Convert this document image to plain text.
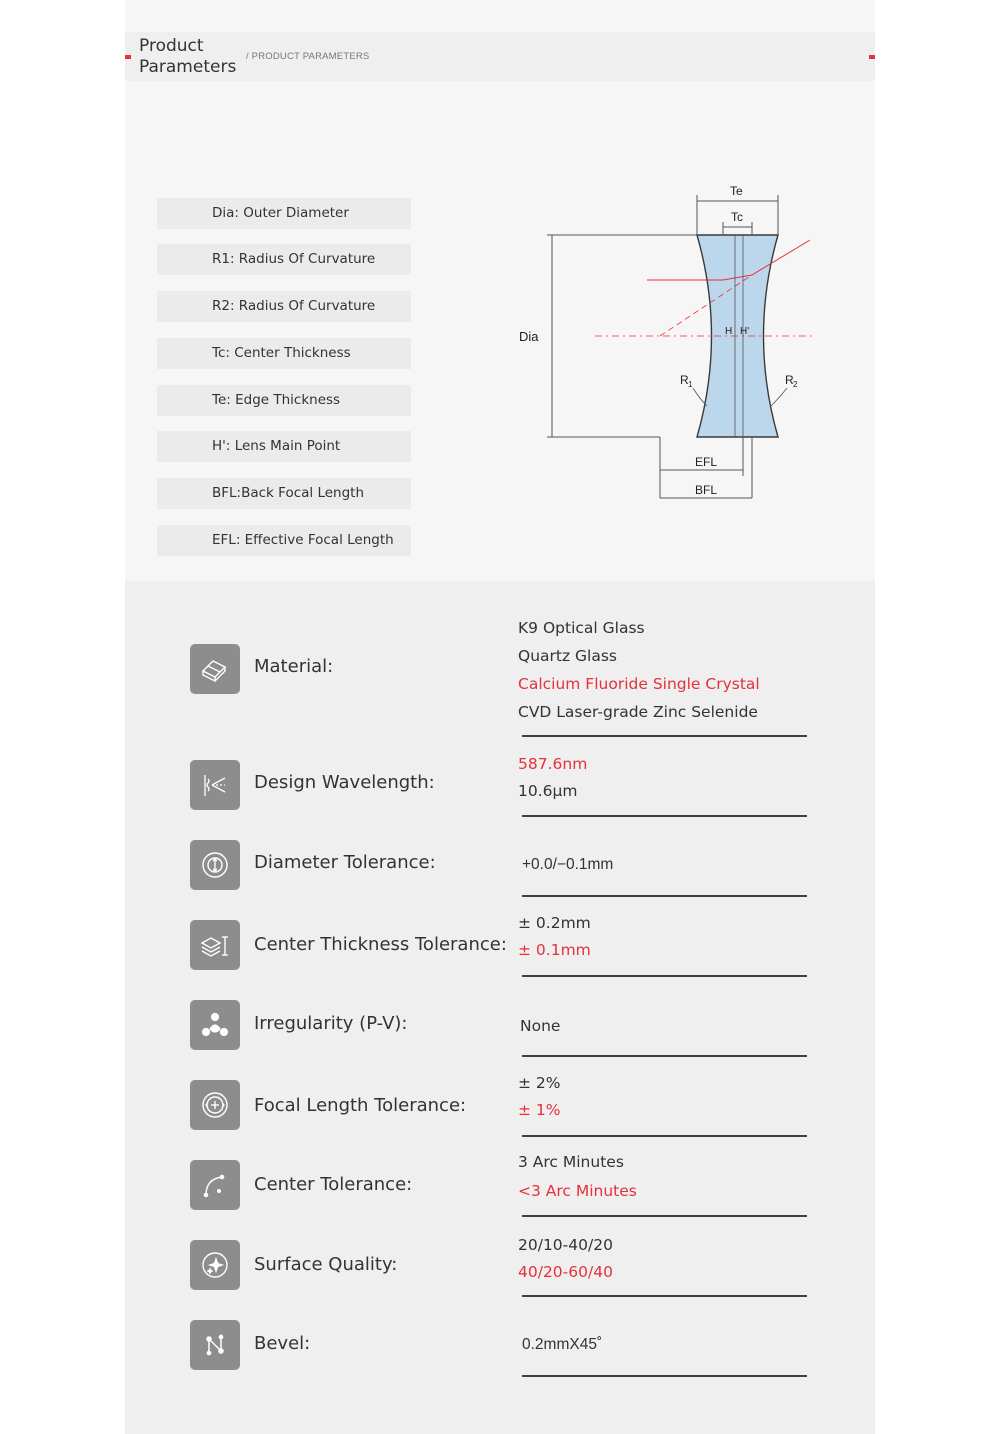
Product Parameters
/ PRODUCT PARAMETERS
Dia: Outer Diameter
R1: Radius Of Curvature
R2: Radius Of Curvature
Tc: Center Thickness
Te: Edge Thickness
H': Lens Main Point
BFL:Back Focal Length
EFL: Effective Focal Length
Te
Tc
Dia	H H'
R 1	R 2
EFL
BFL
Material:
K9 Optical Glass
Quartz Glass
Calcium Fluoride Single Crystal
CVD Laser-grade Zinc Selenide
Design Wavelength:
587.6nm
10.6μm
Diameter Tolerance:	+0.0/−0.1mm
Center Thickness Tolerance:
± 0.2mm
± 0.1mm
Irregularity (P-V):	None
Focal Length Tolerance:
± 2%
± 1%
Center Tolerance:
3 Arc Minutes
<3 Arc Minutes
Surface Quality:
20/10-40/20
40/20-60/40
Bevel:	0.2mmX45˚
